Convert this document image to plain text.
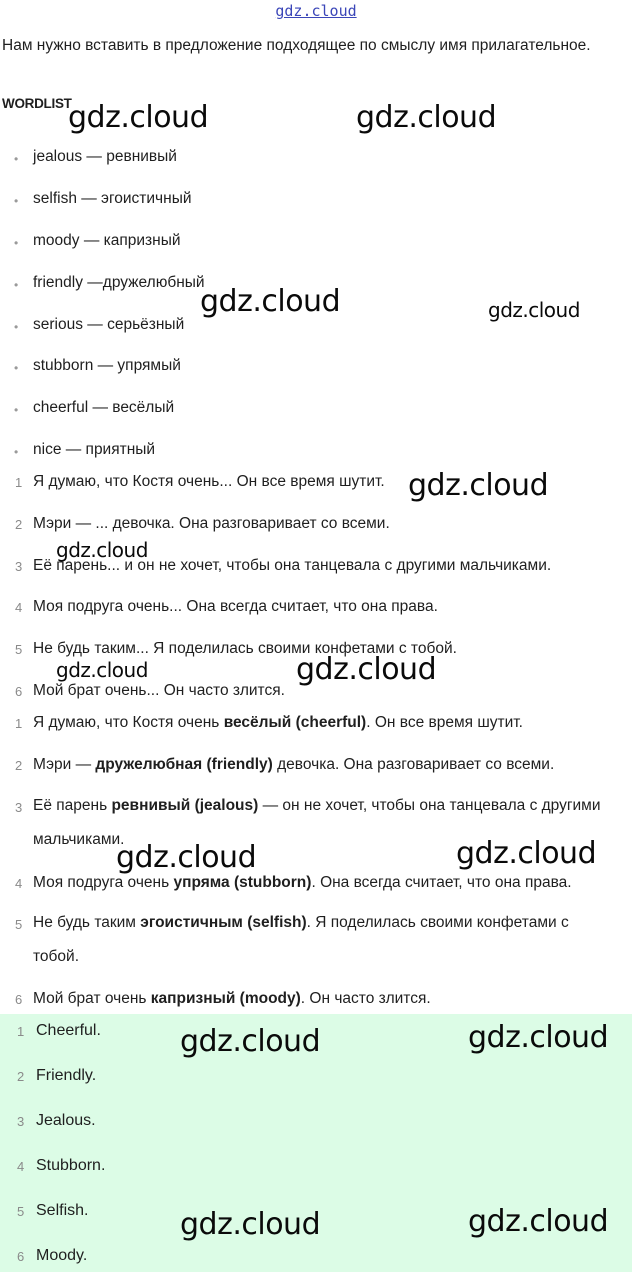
gdz.cloud
Нам нужно вставить в предложение подходящее по смыслу имя прилагательное.
WORDLIST
• jealous — ревнивый
• selfish — эгоистичный
• moody — капризный
• friendly —дружелюбный
• serious — серьёзный
• stubborn — упрямый
• cheerful — весёлый
• nice — приятный
1 Я думаю, что Костя очень... Он все время шутит.
2 Мэри — ... девочка. Она разговаривает со всеми.
3 Её парень... и он не хочет, чтобы она танцевала с другими мальчиками.
4 Моя подруга очень... Она всегда считает, что она права.
5 Не будь таким... Я поделилась своими конфетами с тобой.
6 Мой брат очень... Он часто злится.
1 Я думаю, что Костя очень весёлый (cheerful). Он все время шутит.
2 Мэри — дружелюбная (friendly) девочка. Она разговаривает со всеми.
3 Её парень ревнивый (jealous) — он не хочет, чтобы она танцевала с другими мальчиками.
4 Моя подруга очень упряма (stubborn). Она всегда считает, что она права.
5 Не будь таким эгоистичным (selfish). Я поделилась своими конфетами с тобой.
6 Мой брат очень капризный (moody). Он часто злится.
1 Cheerful.
2 Friendly.
3 Jealous.
4 Stubborn.
5 Selfish.
6 Moody.
gdz.cloud	gdz.cloud
gdz.cloud	gdz.cloud
gdz.cloud
gdz.cloud
gdz.cloud	gdz.cloud
gdz.cloud	gdz.cloud
gdz.cloud	gdz.cloud
gdz.cloud	gdz.cloud
